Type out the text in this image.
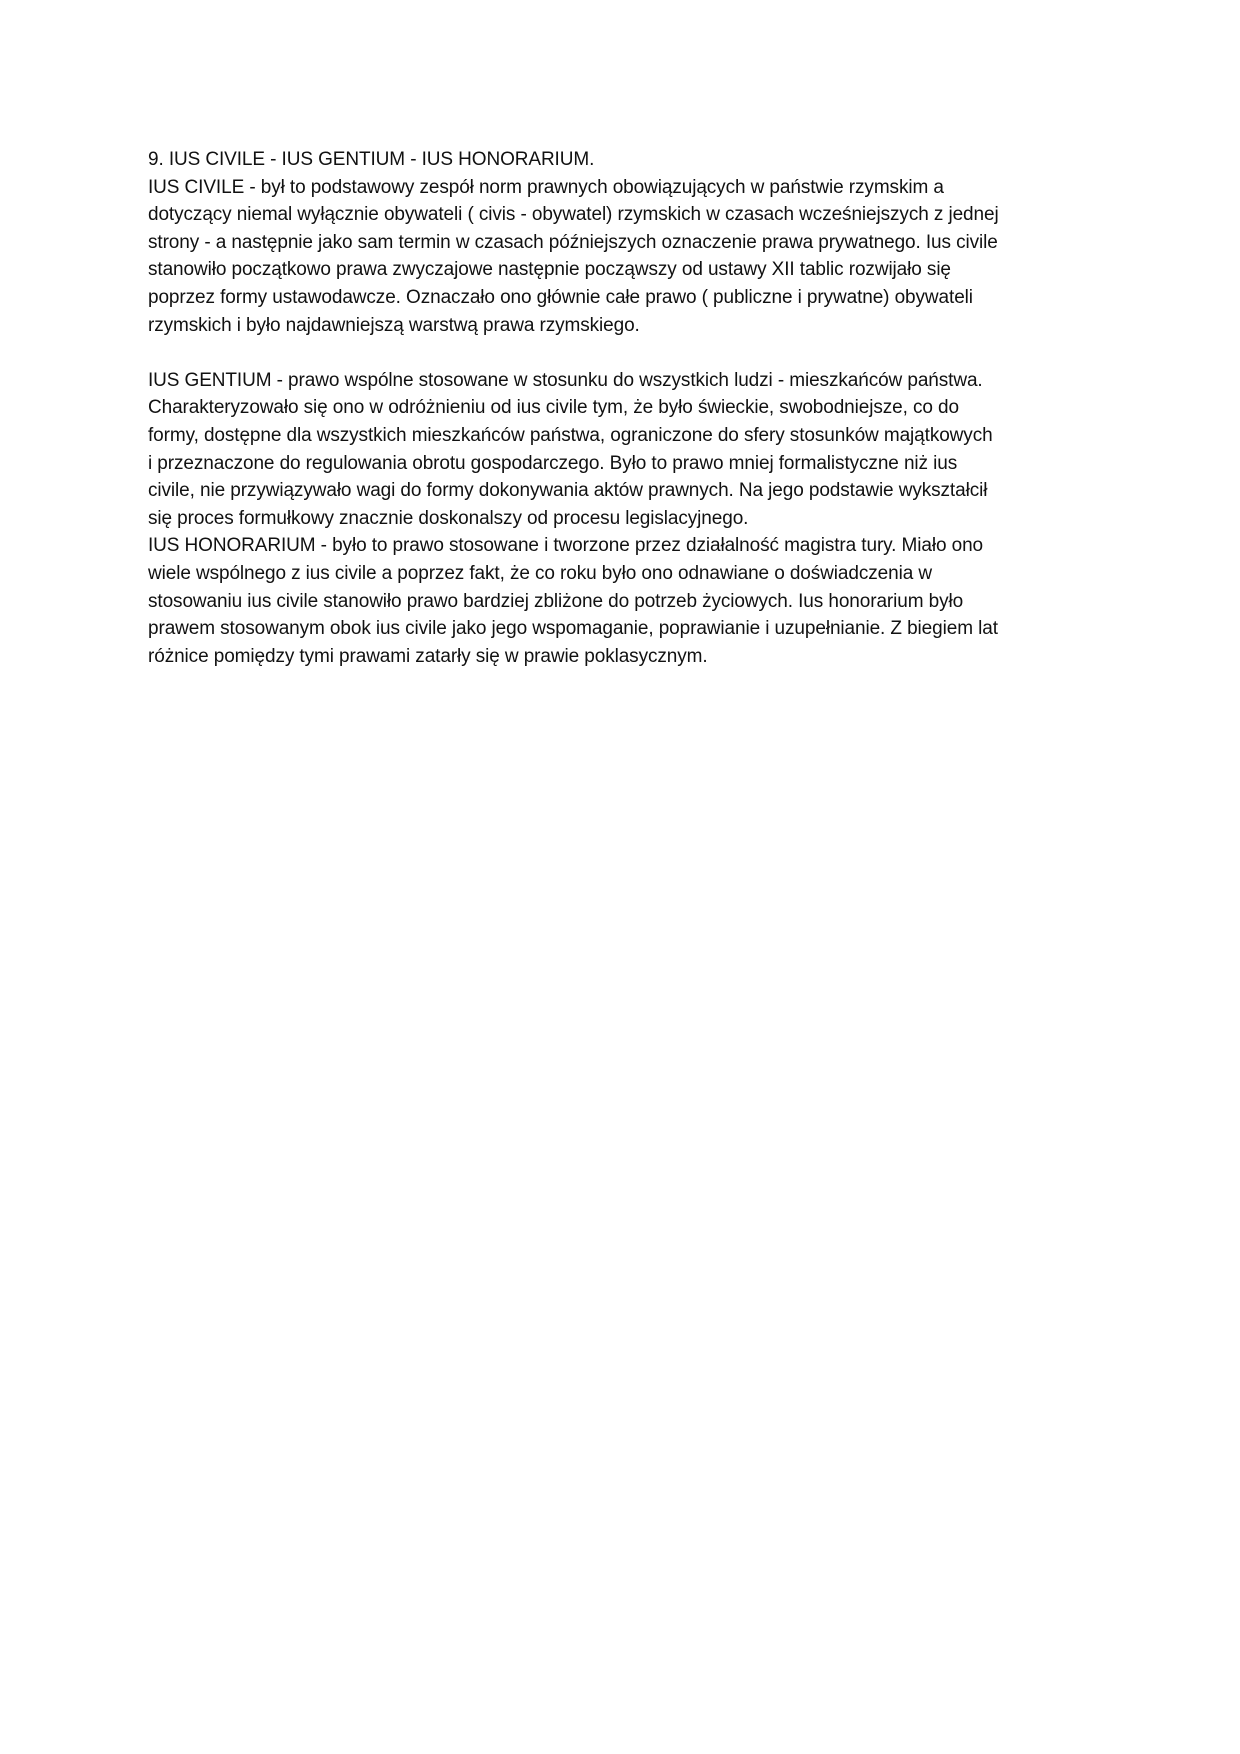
9. IUS CIVILE - IUS GENTIUM - IUS HONORARIUM.
IUS CIVILE - był to podstawowy zespół norm prawnych obowiązujących w państwie rzymskim a
dotyczący niemal wyłącznie obywateli ( civis - obywatel) rzymskich w czasach wcześniejszych z jednej
strony - a następnie jako sam termin w czasach późniejszych oznaczenie prawa prywatnego. Ius civile
stanowiło początkowo prawa zwyczajowe następnie począwszy od ustawy XII tablic rozwijało się
poprzez formy ustawodawcze. Oznaczało ono głównie całe prawo ( publiczne i prywatne) obywateli
rzymskich i było najdawniejszą warstwą prawa rzymskiego.
IUS GENTIUM - prawo wspólne stosowane w stosunku do wszystkich ludzi - mieszkańców państwa.
Charakteryzowało się ono w odróżnieniu od ius civile tym, że było świeckie, swobodniejsze, co do
formy, dostępne dla wszystkich mieszkańców państwa, ograniczone do sfery stosunków majątkowych
i przeznaczone do regulowania obrotu gospodarczego. Było to prawo mniej formalistyczne niż ius
civile, nie przywiązywało wagi do formy dokonywania aktów prawnych. Na jego podstawie wykształcił
się proces formułkowy znacznie doskonalszy od procesu legislacyjnego.
IUS HONORARIUM - było to prawo stosowane i tworzone przez działalność magistra tury. Miało ono
wiele wspólnego z ius civile a poprzez fakt, że co roku było ono odnawiane o doświadczenia w
stosowaniu ius civile stanowiło prawo bardziej zbliżone do potrzeb życiowych. Ius honorarium było
prawem stosowanym obok ius civile jako jego wspomaganie, poprawianie i uzupełnianie. Z biegiem lat
różnice pomiędzy tymi prawami zatarły się w prawie poklasycznym.
